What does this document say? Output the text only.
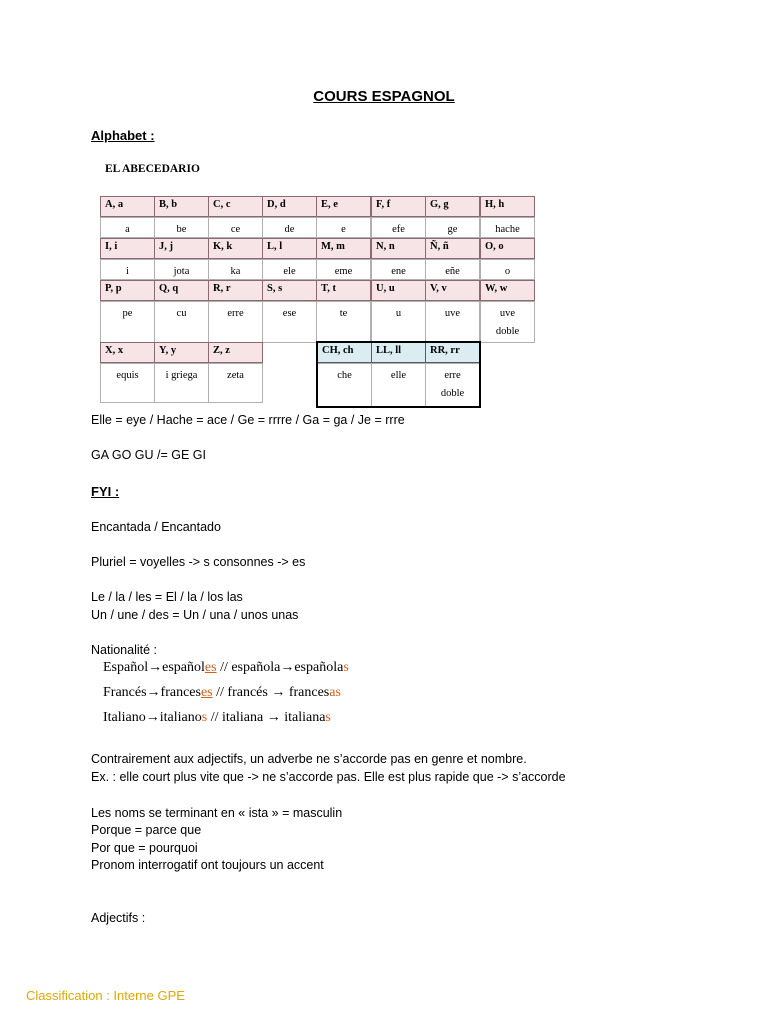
COURS ESPAGNOL
Alphabet :
EL ABECEDARIO
A, a	B, b	C, c	D, d	E, e	F, f	G, g	H, h
a	be	ce	de	e	efe	ge	hache
I, i	J, j	K, k	L, l	M, m	N, n	Ñ, ñ	O, o
i	jota	ka	ele	eme	ene	eñe	o
P, p	Q, q	R, r	S, s	T, t	U, u	V, v	W, w
pe	cu	erre	ese	te	u	uve	uve
doble
X, x	Y, y	Z, z
equis	i griega	zeta
CH, ch	LL, ll	RR, rr
che	elle	erre
doble
Elle = eye / Hache = ace / Ge = rrrre / Ga = ga / Je = rrre
GA GO GU /= GE GI
FYI :
Encantada / Encantado
Pluriel = voyelles -> s consonnes -> es
Le / la / les = El / la / los las
Un / une / des = Un / una / unos unas
Nationalité :
Español→españoles // española→españolas
Francés→franceses // francés → francesas
Italiano→italianos // italiana → italianas
Contrairement aux adjectifs, un adverbe ne s’accorde pas en genre et nombre.
Ex. : elle court plus vite que -> ne s’accorde pas. Elle est plus rapide que -> s’accorde
Les noms se terminant en « ista » = masculin
Porque = parce que
Por que = pourquoi
Pronom interrogatif ont toujours un accent
Adjectifs :
Classification : Interne GPE
